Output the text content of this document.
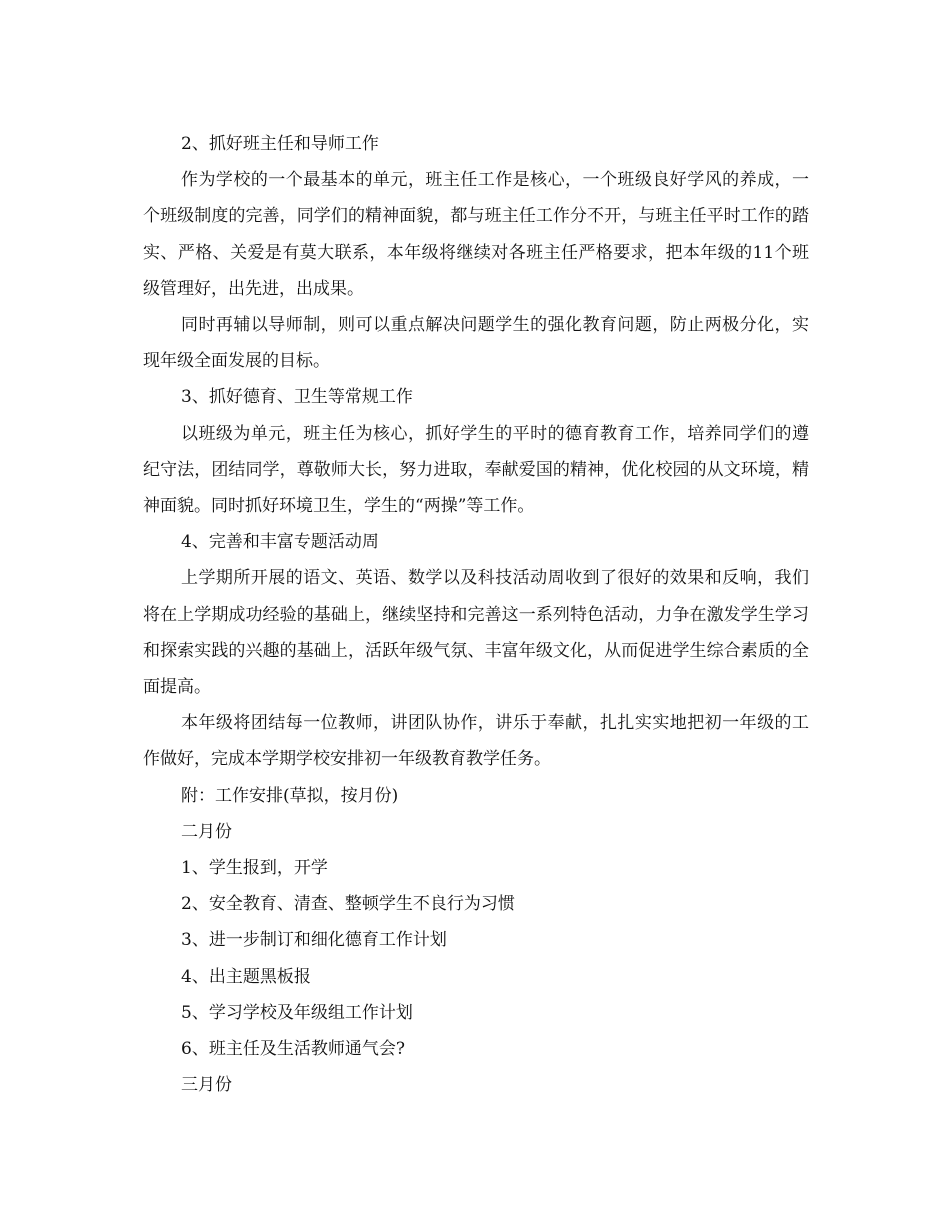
2、抓好班主任和导师工作

作为学校的一个最基本的单元，班主任工作是核心，一个班级良好学风的养成，一个班级制度的完善，同学们的精神面貌，都与班主任工作分不开，与班主任平时工作的踏实、严格、关爱是有莫大联系，本年级将继续对各班主任严格要求，把本年级的11个班级管理好，出先进，出成果。

同时再辅以导师制，则可以重点解决问题学生的强化教育问题，防止两极分化，实现年级全面发展的目标。

3、抓好德育、卫生等常规工作

以班级为单元，班主任为核心，抓好学生的平时的德育教育工作，培养同学们的遵纪守法，团结同学，尊敬师大长，努力进取，奉献爱国的精神，优化校园的从文环境，精神面貌。同时抓好环境卫生，学生的“两操”等工作。

4、完善和丰富专题活动周

上学期所开展的语文、英语、数学以及科技活动周收到了很好的效果和反响，我们将在上学期成功经验的基础上，继续坚持和完善这一系列特色活动，力争在激发学生学习和探索实践的兴趣的基础上，活跃年级气氛、丰富年级文化，从而促进学生综合素质的全面提高。

本年级将团结每一位教师，讲团队协作，讲乐于奉献，扎扎实实地把初一年级的工作做好，完成本学期学校安排初一年级教育教学任务。

附：工作安排(草拟，按月份)

二月份

1、学生报到，开学

2、安全教育、清查、整顿学生不良行为习惯

3、进一步制订和细化德育工作计划

4、出主题黑板报

5、学习学校及年级组工作计划

6、班主任及生活教师通气会?

三月份
